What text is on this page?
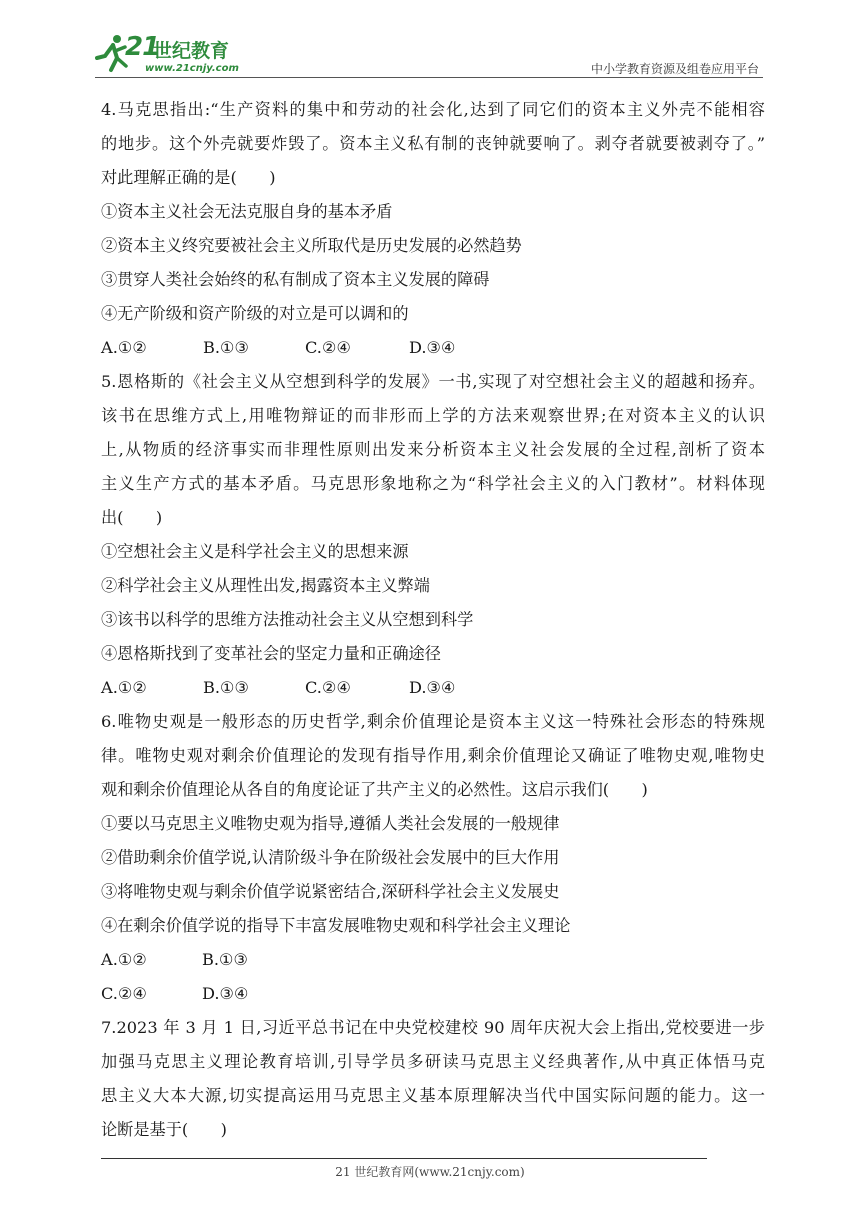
21
世纪教育
www.21cnjy.com	中小学教育资源及组卷应用平台
4.马克思指出:“生产资料的集中和劳动的社会化,达到了同它们的资本主义外壳不能相容
的地步。这个外壳就要炸毁了。资本主义私有制的丧钟就要响了。剥夺者就要被剥夺了。”
对此理解正确的是(　　)
①资本主义社会无法克服自身的基本矛盾
②资本主义终究要被社会主义所取代是历史发展的必然趋势
③贯穿人类社会始终的私有制成了资本主义发展的障碍
④无产阶级和资产阶级的对立是可以调和的
A.①②	B.①③	C.②④	D.③④
5.恩格斯的《社会主义从空想到科学的发展》一书,实现了对空想社会主义的超越和扬弃。
该书在思维方式上,用唯物辩证的而非形而上学的方法来观察世界;在对资本主义的认识
上,从物质的经济事实而非理性原则出发来分析资本主义社会发展的全过程,剖析了资本
主义生产方式的基本矛盾。马克思形象地称之为“科学社会主义的入门教材”。材料体现
出(　　)
①空想社会主义是科学社会主义的思想来源
②科学社会主义从理性出发,揭露资本主义弊端
③该书以科学的思维方法推动社会主义从空想到科学
④恩格斯找到了变革社会的坚定力量和正确途径
A.①②	B.①③	C.②④	D.③④
6.唯物史观是一般形态的历史哲学,剩余价值理论是资本主义这一特殊社会形态的特殊规
律。唯物史观对剩余价值理论的发现有指导作用,剩余价值理论又确证了唯物史观,唯物史
观和剩余价值理论从各自的角度论证了共产主义的必然性。这启示我们(　　)
①要以马克思主义唯物史观为指导,遵循人类社会发展的一般规律
②借助剩余价值学说,认清阶级斗争在阶级社会发展中的巨大作用
③将唯物史观与剩余价值学说紧密结合,深研科学社会主义发展史
④在剩余价值学说的指导下丰富发展唯物史观和科学社会主义理论
A.①②	B.①③
C.②④	D.③④
7.2023 年 3 月 1 日,习近平总书记在中央党校建校 90 周年庆祝大会上指出,党校要进一步
加强马克思主义理论教育培训,引导学员多研读马克思主义经典著作,从中真正体悟马克
思主义大本大源,切实提高运用马克思主义基本原理解决当代中国实际问题的能力。这一
论断是基于(　　)
21 世纪教育网(www.21cnjy.com)
